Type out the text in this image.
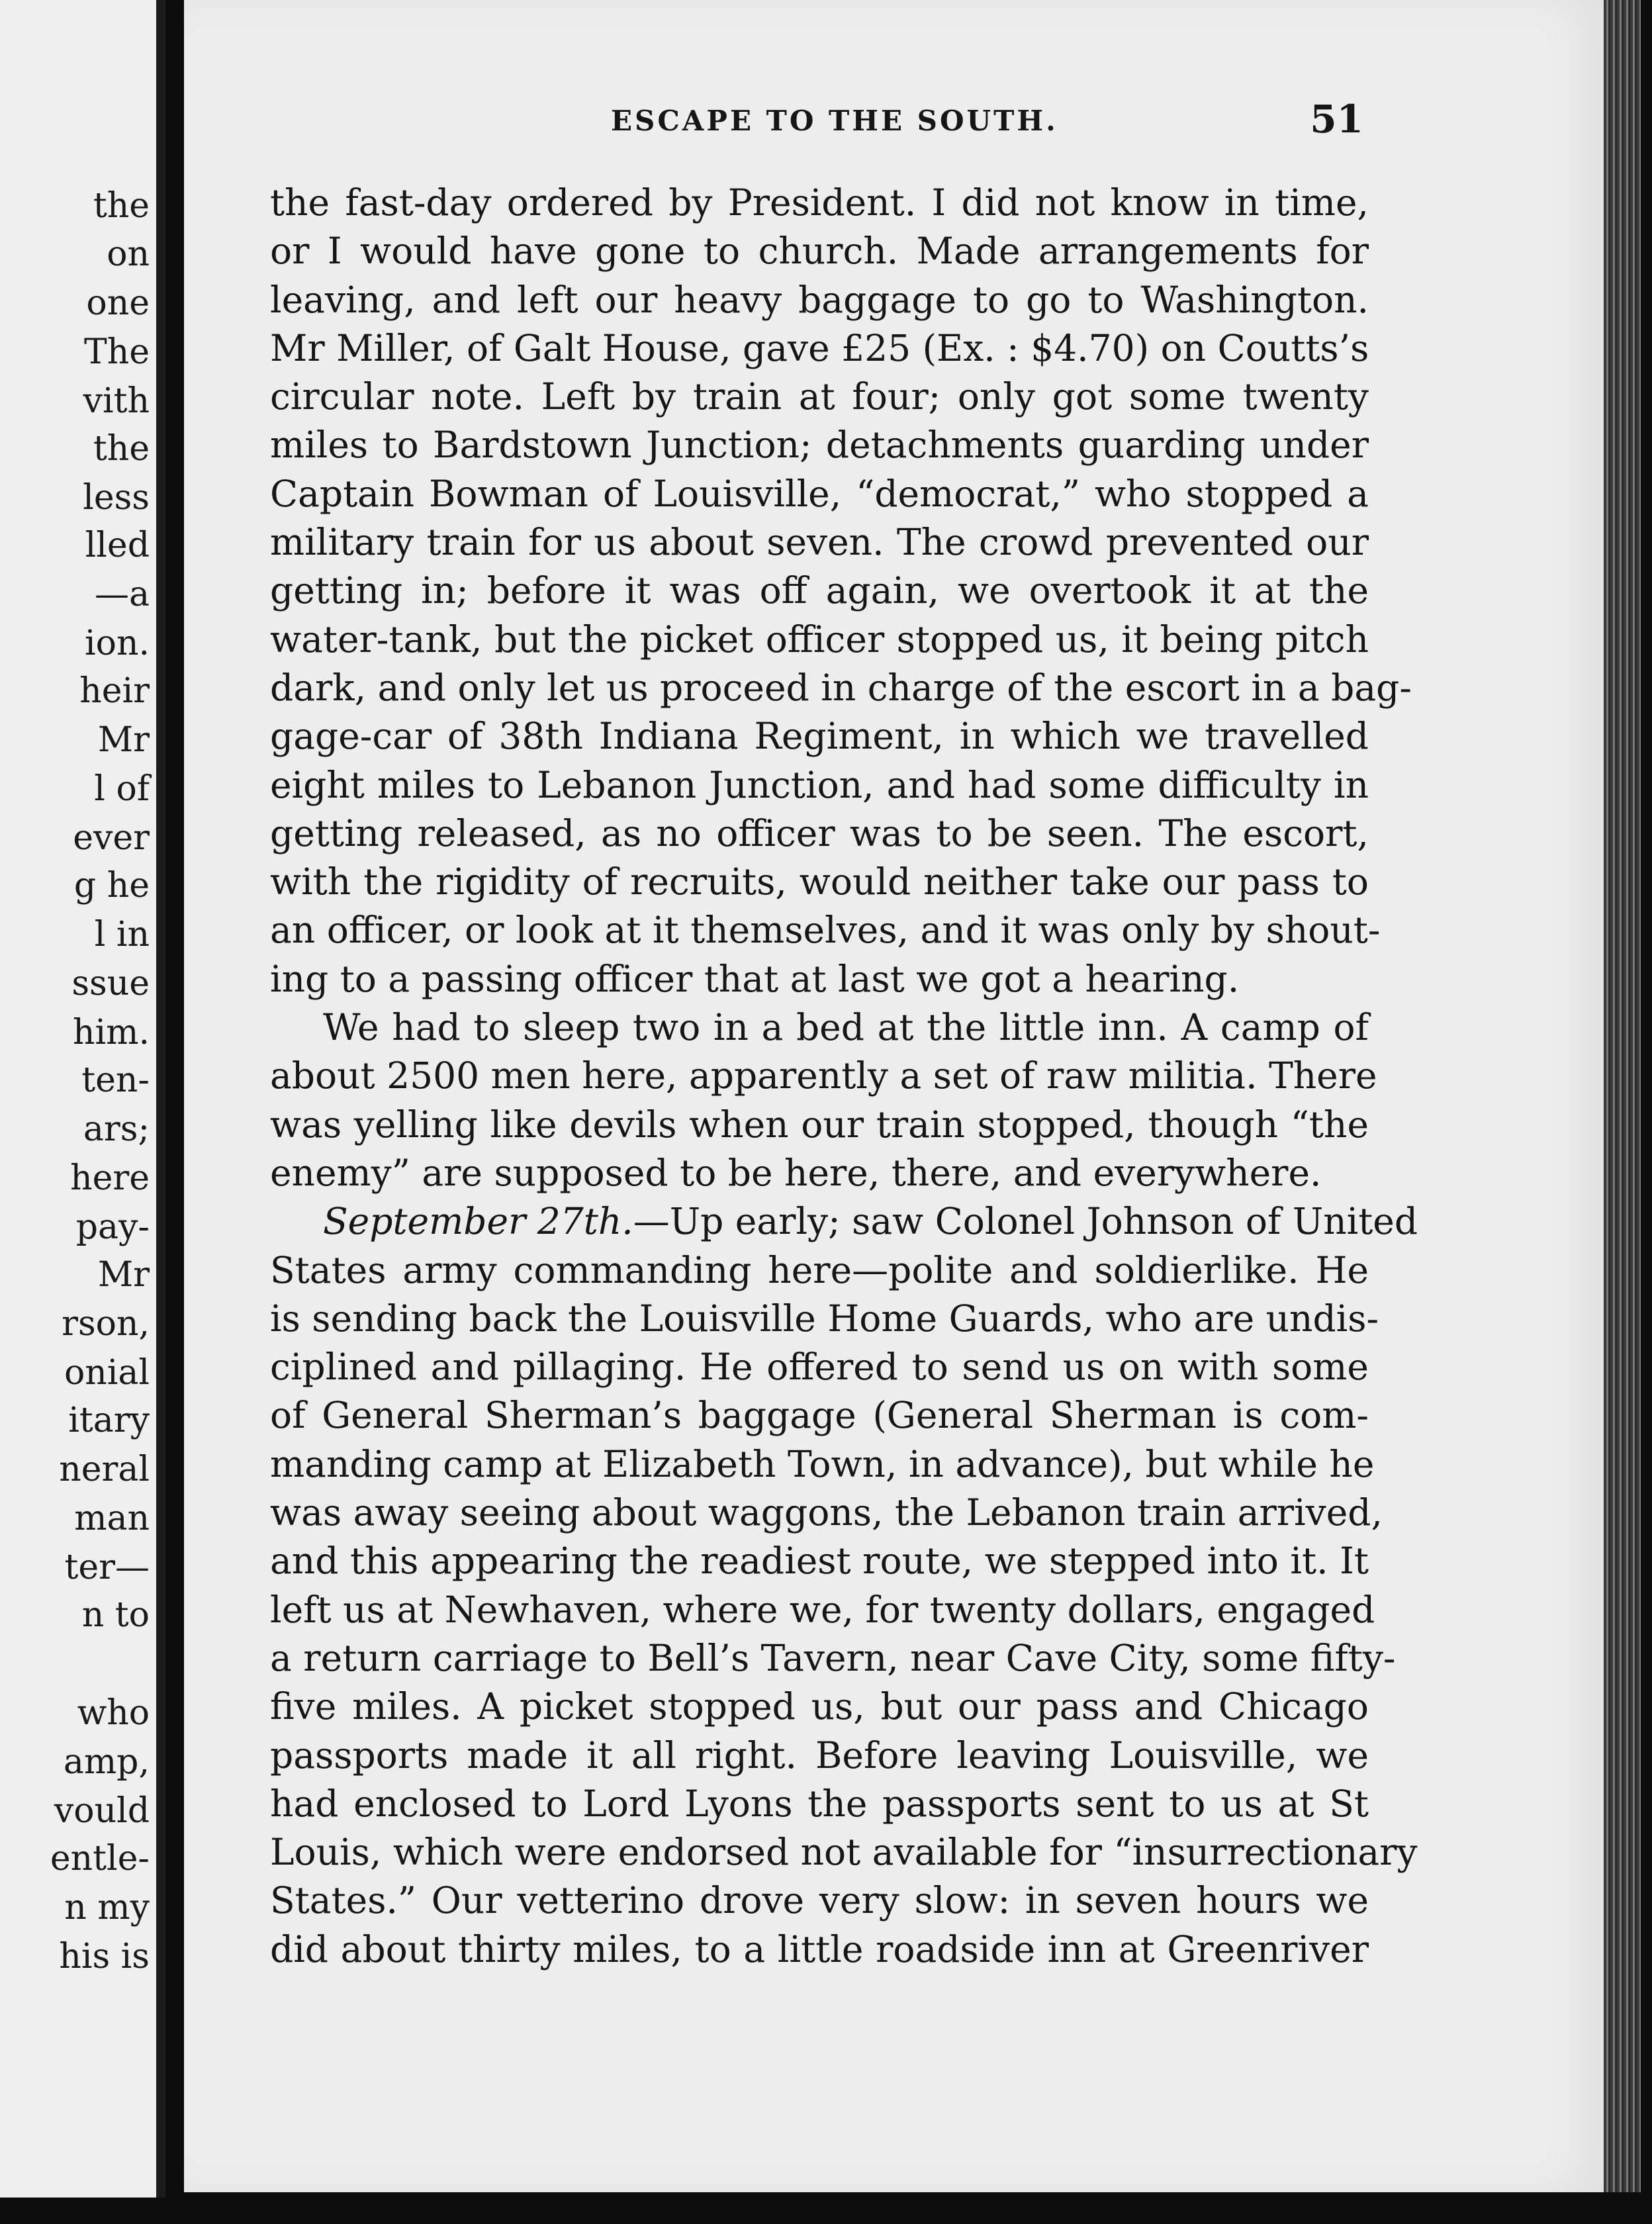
the
on
one
The
vith
the
less
lled
—a
ion.
heir
Mr
l of
ever
g he
l in
ssue
him.
ten-
ars;
here
pay-
Mr
rson,
onial
itary
neral
man
ter—
n to
who
amp,
vould
entle-
n my
his is
ESCAPE TO THE SOUTH.	51
the fast-day ordered by President. I did not know in time,
or I would have gone to church. Made arrangements for
leaving, and left our heavy baggage to go to Washington.
Mr Miller, of Galt House, gave £25 (Ex. : $4.70) on Coutts’s
circular note. Left by train at four; only got some twenty
miles to Bardstown Junction; detachments guarding under
Captain Bowman of Louisville, “democrat,” who stopped a
military train for us about seven. The crowd prevented our
getting in; before it was off again, we overtook it at the
water-tank, but the picket officer stopped us, it being pitch
dark, and only let us proceed in charge of the escort in a bag-
gage-car of 38th Indiana Regiment, in which we travelled
eight miles to Lebanon Junction, and had some difficulty in
getting released, as no officer was to be seen. The escort,
with the rigidity of recruits, would neither take our pass to
an officer, or look at it themselves, and it was only by shout-
ing to a passing officer that at last we got a hearing.
We had to sleep two in a bed at the little inn. A camp of
about 2500 men here, apparently a set of raw militia. There
was yelling like devils when our train stopped, though “the
enemy” are supposed to be here, there, and everywhere.
September 27th.—Up early; saw Colonel Johnson of United
States army commanding here—polite and soldierlike. He
is sending back the Louisville Home Guards, who are undis-
ciplined and pillaging. He offered to send us on with some
of General Sherman’s baggage (General Sherman is com-
manding camp at Elizabeth Town, in advance), but while he
was away seeing about waggons, the Lebanon train arrived,
and this appearing the readiest route, we stepped into it. It
left us at Newhaven, where we, for twenty dollars, engaged
a return carriage to Bell’s Tavern, near Cave City, some fifty-
five miles. A picket stopped us, but our pass and Chicago
passports made it all right. Before leaving Louisville, we
had enclosed to Lord Lyons the passports sent to us at St
Louis, which were endorsed not available for “insurrectionary
States.” Our vetterino drove very slow: in seven hours we
did about thirty miles, to a little roadside inn at Greenriver
